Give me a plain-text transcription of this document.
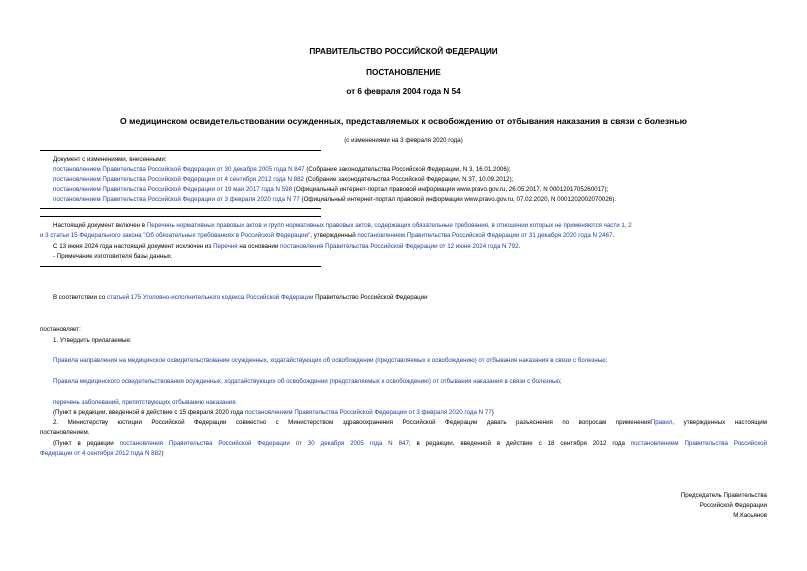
ПРАВИТЕЛЬСТВО РОССИЙСКОЙ ФЕДЕРАЦИИ
ПОСТАНОВЛЕНИЕ
от 6 февраля 2004 года N 54
О медицинском освидетельствовании осужденных, представляемых к освобождению от отбывания наказания в связи с болезнью
(с изменениями на 3 февраля 2020 года)
Документ с изменениями, внесенными:
постановлением Правительства Российской Федерации от 30 декабря 2005 года N 847 (Собрание законодательства Российской Федерации, N 3, 16.01.2006);
постановлением Правительства Российской Федерации от 4 сентября 2012 года N 882 (Собрание законодательства Российской Федерации, N 37, 10.09.2012);
постановлением Правительства Российской Федерации от 19 мая 2017 года N 598 (Официальный интернет-портал правовой информации www.pravo.gov.ru, 26.05.2017, N 0001201705260017);
постановлением Правительства Российской Федерации от 3 февраля 2020 года N 77 (Официальный интернет-портал правовой информации www.pravo.gov.ru, 07.02.2020, N 0001202002070026).
Настоящий документ включен в Перечень нормативных правовых актов и групп нормативных правовых актов, содержащих обязательные требования, в отношении которых не применяются части 1, 2
и 3 статьи 15 Федерального закона "Об обязательных требованиях в Российской Федерации", утвержденный постановлением Правительства Российской Федерации от 31 декабря 2020 года N 2467.
С 13 июня 2024 года настоящий документ исключен из Перечня на основании постановления Правительства Российской Федерации от 12 июня 2024 года N 792.
- Примечание изготовителя базы данных.
В соответствии со статьей 175 Уголовно-исполнительного кодекса Российской Федерации Правительство Российской Федерации
постановляет:
1. Утвердить прилагаемые:
Правила направления на медицинское освидетельствование осужденных, ходатайствующих об освобождении (представляемых к освобождению) от отбывания наказания в связи с болезнью;
Правила медицинского освидетельствования осужденных, ходатайствующих об освобождении (представляемых к освобождению) от отбывания наказания в связи с болезнью;
перечень заболеваний, препятствующих отбыванию наказания.
(Пункт в редакции, введенной в действие с 15 февраля 2020 года постановлением Правительства Российской Федерации от 3 февраля 2020 года N 77)
2. Министерству юстиции Российской Федерации совместно с Министерством здравоохранения Российской Федерации давать разъяснения по вопросам примененияПравил, утвержденных настоящим
постановлением.
(Пункт в редакции постановления Правительства Российской Федерации от 30 декабря 2005 года N 847; в редакции, введенной в действие с 18 сентября 2012 года постановлением Правительства Российской
Федерации от 4 сентября 2012 года N 882)
Председатель Правительства
Российской Федерации
М.Касьянов
